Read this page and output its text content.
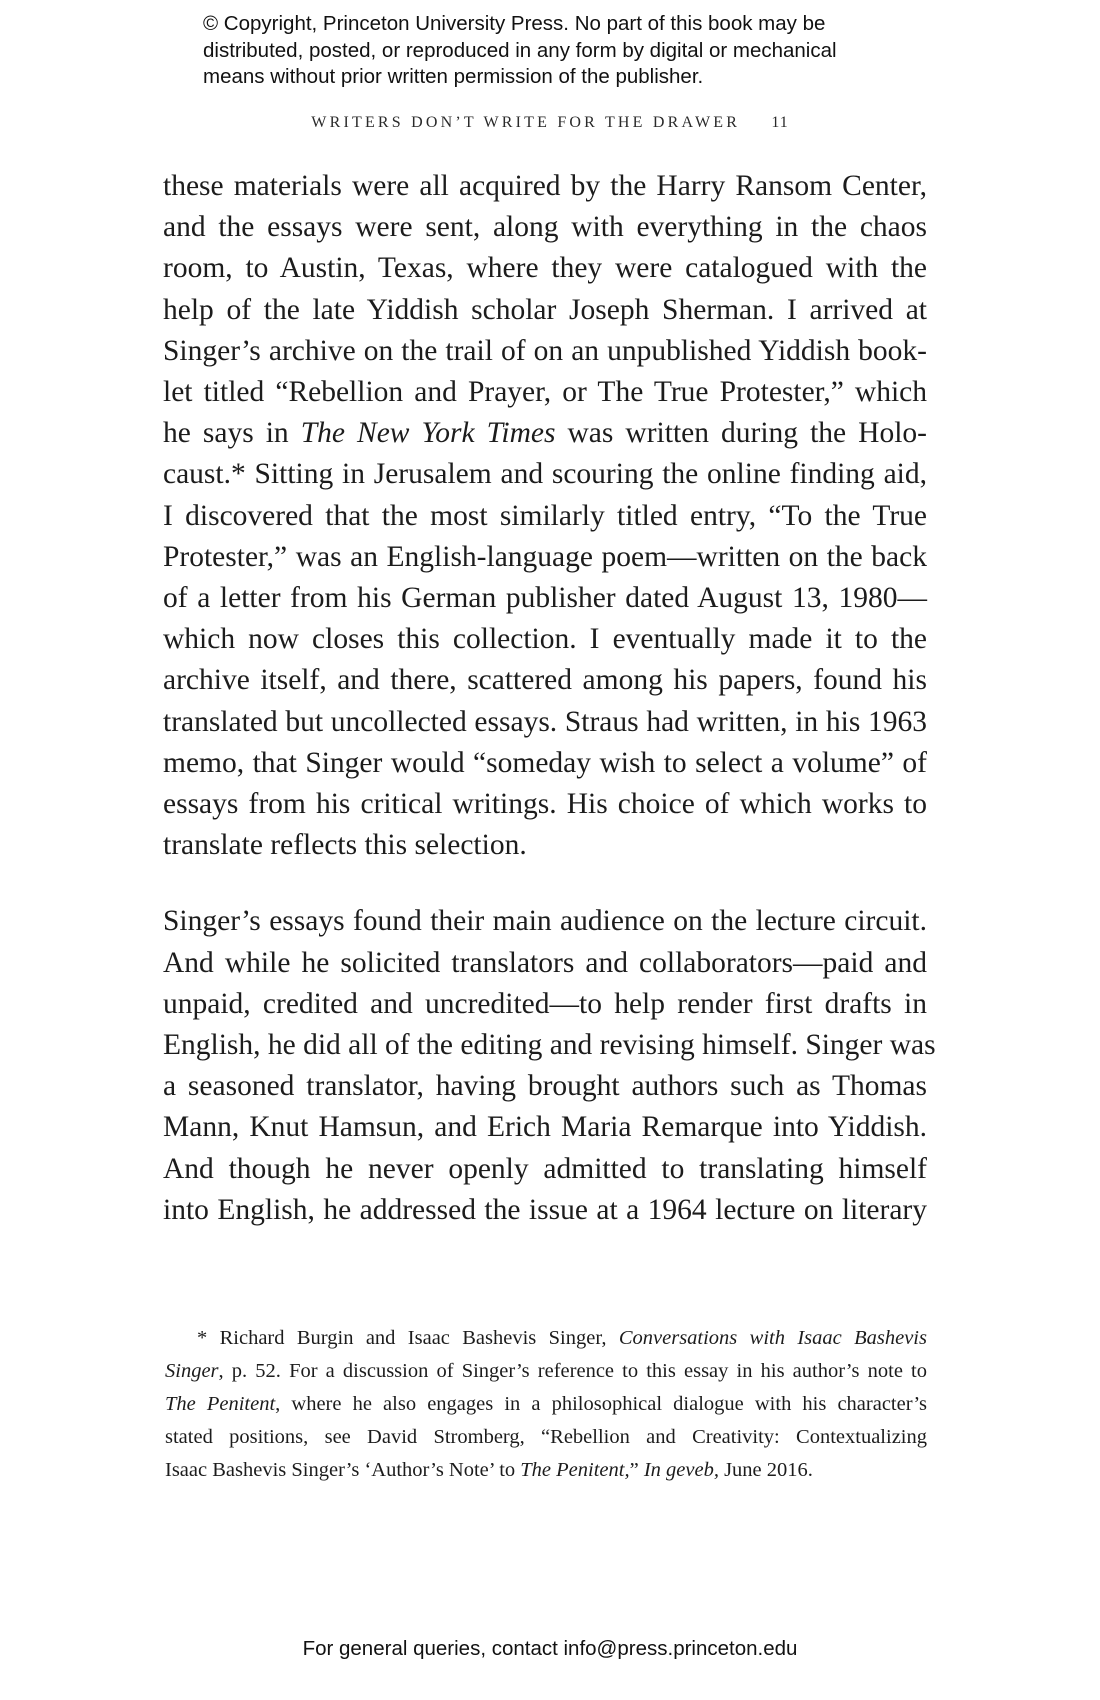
© Copyright, Princeton University Press. No part of this book may be
distributed, posted, or reproduced in any form by digital or mechanical
means without prior written permission of the publisher.
WRITERS DON’T WRITE FOR THE DRAWER 11
these materials were all acquired by the Harry Ransom Center,
and the essays were sent, along with everything in the chaos
room, to Austin, Texas, where they were catalogued with the
help of the late Yiddish scholar Joseph Sherman. I arrived at
Singer’s archive on the trail of on an unpublished Yiddish book-
let titled “Rebellion and Prayer, or The True Protester,” which
he says in The New York Times was written during the Holo-
caust.* Sitting in Jerusalem and scouring the online finding aid,
I discovered that the most similarly titled entry, “To the True
Protester,” was an English-language poem—written on the back
of a letter from his German publisher dated August 13, 1980—
which now closes this collection. I eventually made it to the
archive itself, and there, scattered among his papers, found his
translated but uncollected essays. Straus had written, in his 1963
memo, that Singer would “someday wish to select a volume” of
essays from his critical writings. His choice of which works to
translate reflects this selection.
Singer’s essays found their main audience on the lecture circuit.
And while he solicited translators and collaborators—paid and
unpaid, credited and uncredited—to help render first drafts in
English, he did all of the editing and revising himself. Singer was
a seasoned translator, having brought authors such as Thomas
Mann, Knut Hamsun, and Erich Maria Remarque into Yiddish.
And though he never openly admitted to translating himself
into English, he addressed the issue at a 1964 lecture on literary
* Richard Burgin and Isaac Bashevis Singer, Conversations with Isaac Bashevis
Singer, p. 52. For a discussion of Singer’s reference to this essay in his author’s note to
The Penitent, where he also engages in a philosophical dialogue with his character’s
stated positions, see David Stromberg, “Rebellion and Creativity: Contextualizing
Isaac Bashevis Singer’s ‘Author’s Note’ to The Penitent,” In geveb, June 2016.
For general queries, contact info@press.princeton.edu
